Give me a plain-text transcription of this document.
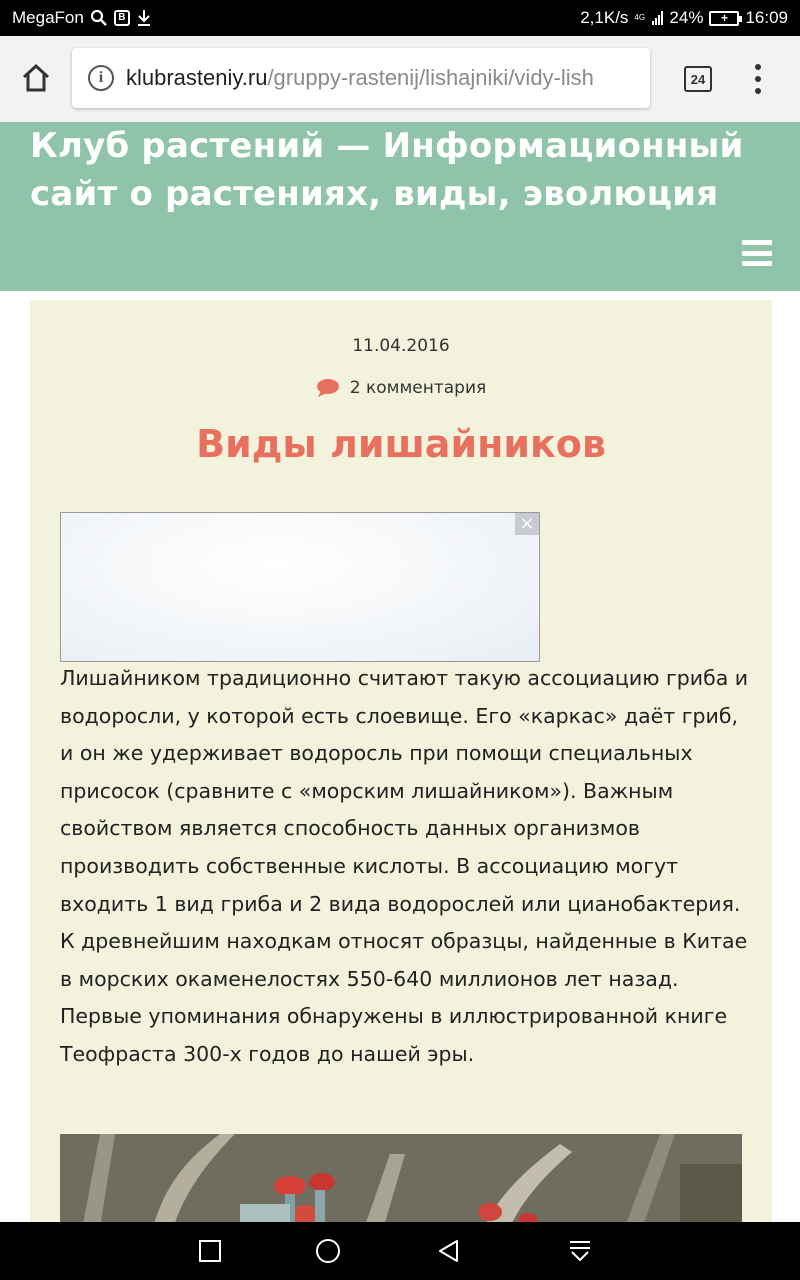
MegaFon	В	2,1K/s 4G 24%	+	16:09
i	klubrasteniy.ru/gruppy-rastenij/lishajniki/vidy-lish	24
Клуб растений — Информационный сайт о растениях, виды, эволюция
11.04.2016
2 комментария
Виды лишайников
×

Лишайником традиционно считают такую ассоциацию гриба и водоросли, у которой есть слоевище. Его «каркас» даёт гриб, и он же удерживает водоросль при помощи специальных присосок (сравните с «морским лишайником»). Важным свойством является способность данных организмов производить собственные кислоты. В ассоциацию могут входить 1 вид гриба и 2 вида водорослей или цианобактерия. К древнейшим находкам относят образцы, найденные в Китае в морских окаменелостях 550-640 миллионов лет назад. Первые упоминания обнаружены в иллюстрированной книге Теофраста 300-х годов до нашей эры.
